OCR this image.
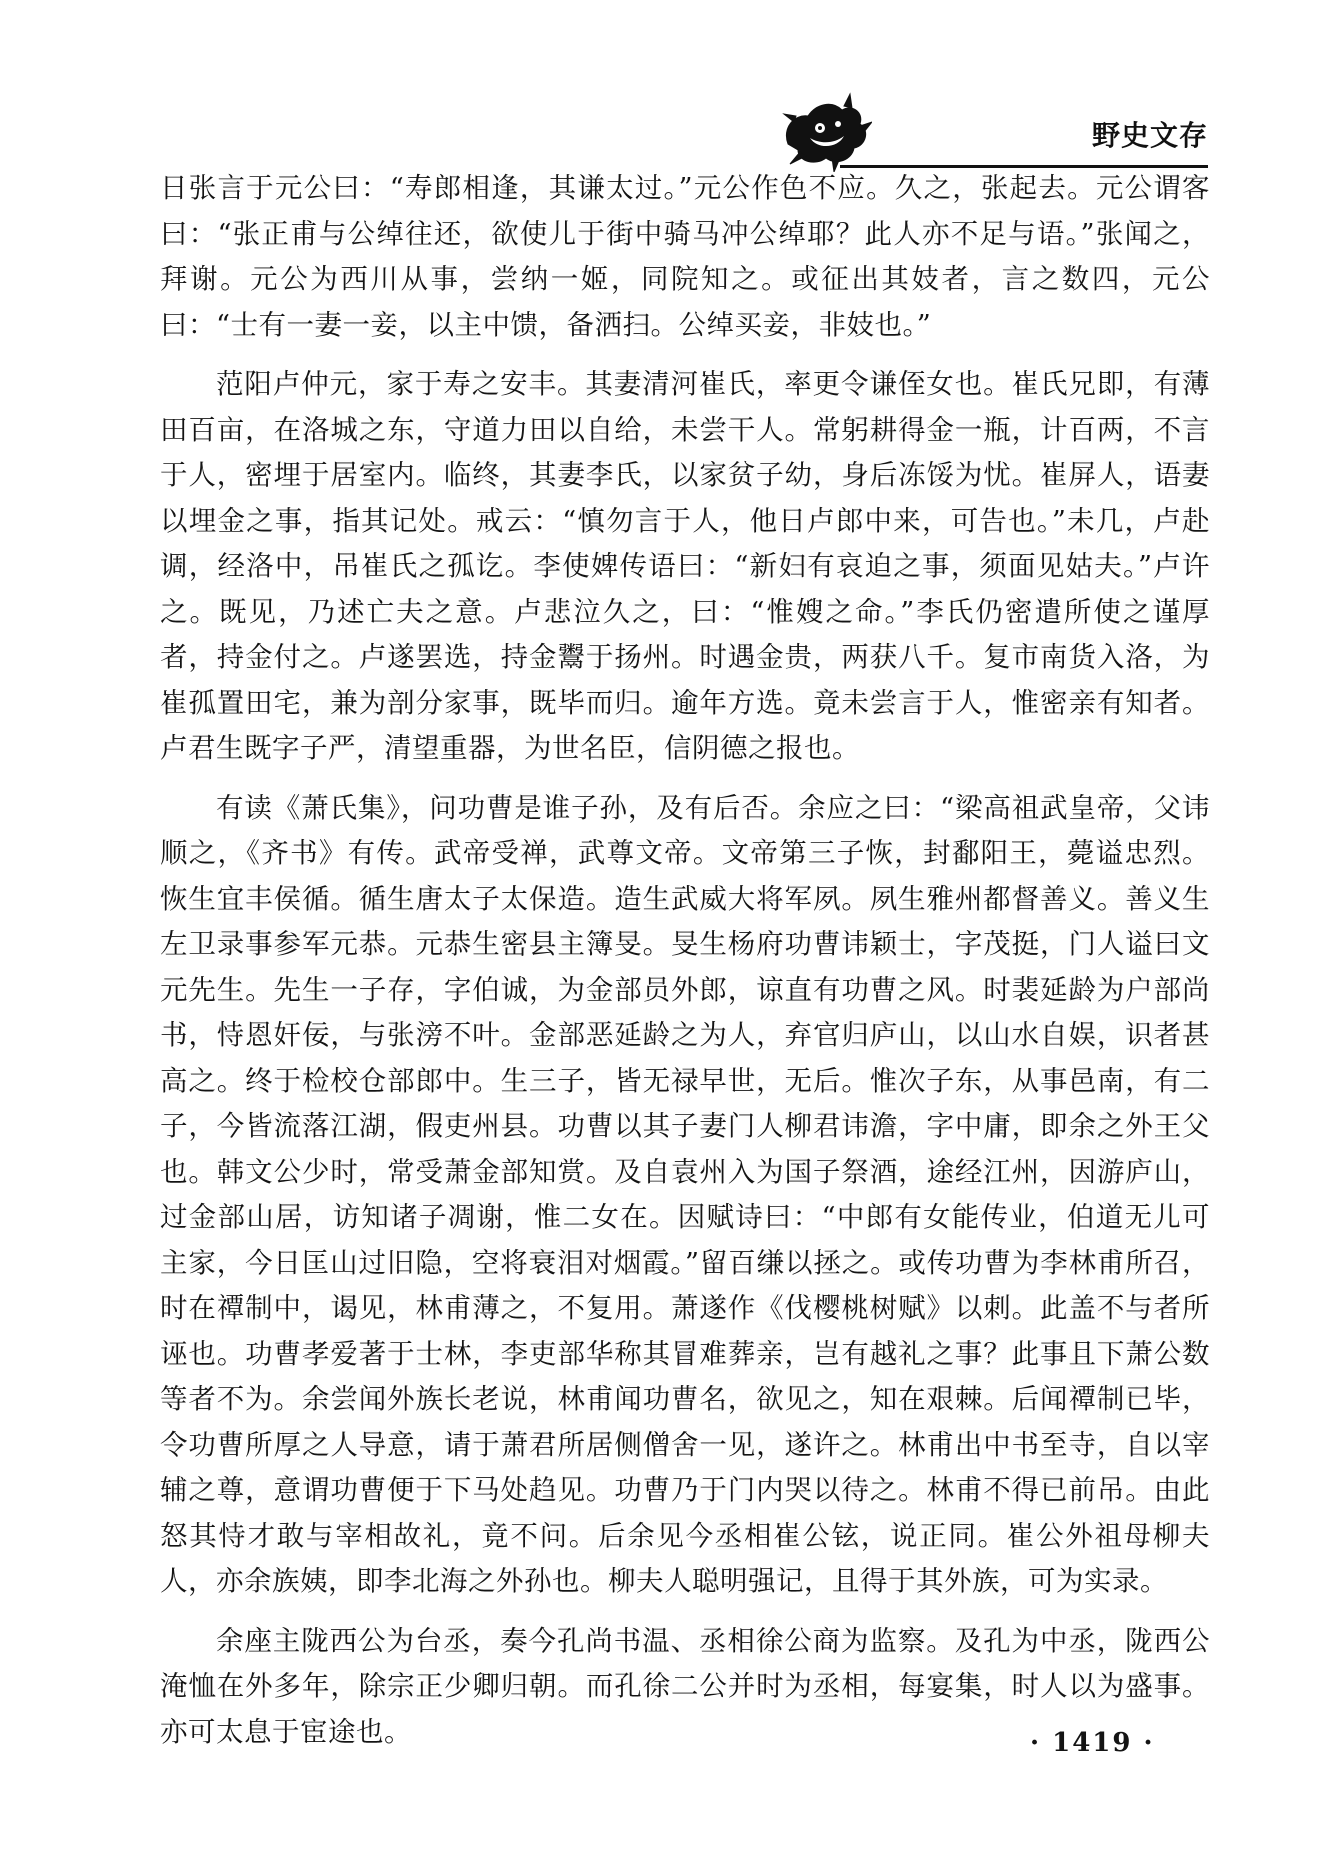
野史文存

日张言于元公曰：“寿郎相逢，其谦太过。”元公作色不应。久之，张起去。元公谓客曰：“张正甫与公绰往还，欲使儿于街中骑马冲公绰耶？此人亦不足与语。”张闻之，拜谢。元公为西川从事，尝纳一姬，同院知之。或征出其妓者，言之数四，元公曰：“士有一妻一妾，以主中馈，备洒扫。公绰买妾，非妓也。”

范阳卢仲元，家于寿之安丰。其妻清河崔氏，率更令谦侄女也。崔氏兄即，有薄田百亩，在洛城之东，守道力田以自给，未尝干人。常躬耕得金一瓶，计百两，不言于人，密埋于居室内。临终，其妻李氏，以家贫子幼，身后冻馁为忧。崔屏人，语妻以埋金之事，指其记处。戒云：“慎勿言于人，他日卢郎中来，可告也。”未几，卢赴调，经洛中，吊崔氏之孤讫。李使婢传语曰：“新妇有哀迫之事，须面见姑夫。”卢许之。既见，乃述亡夫之意。卢悲泣久之，曰：“惟嫂之命。”李氏仍密遣所使之谨厚者，持金付之。卢遂罢选，持金鬻于扬州。时遇金贵，两获八千。复市南货入洛，为崔孤置田宅，兼为剖分家事，既毕而归。逾年方选。竟未尝言于人，惟密亲有知者。卢君生既字子严，清望重器，为世名臣，信阴德之报也。

有读《萧氏集》，问功曹是谁子孙，及有后否。余应之曰：“梁高祖武皇帝，父讳顺之，《齐书》有传。武帝受禅，武尊文帝。文帝第三子恢，封鄱阳王，薨谥忠烈。恢生宜丰侯循。循生唐太子太保造。造生武威大将军夙。夙生雅州都督善义。善义生左卫录事参军元恭。元恭生密县主簿旻。旻生杨府功曹讳颖士，字茂挺，门人谥曰文元先生。先生一子存，字伯诚，为金部员外郎，谅直有功曹之风。时裴延龄为户部尚书，恃恩奸佞，与张滂不叶。金部恶延龄之为人，弃官归庐山，以山水自娱，识者甚高之。终于检校仓部郎中。生三子，皆无禄早世，无后。惟次子东，从事邑南，有二子，今皆流落江湖，假吏州县。功曹以其子妻门人柳君讳澹，字中庸，即余之外王父也。韩文公少时，常受萧金部知赏。及自袁州入为国子祭酒，途经江州，因游庐山，过金部山居，访知诸子凋谢，惟二女在。因赋诗曰：“中郎有女能传业，伯道无儿可主家，今日匡山过旧隐，空将衰泪对烟霞。”留百缣以拯之。或传功曹为李林甫所召，时在禫制中，谒见，林甫薄之，不复用。萧遂作《伐樱桃树赋》以刺。此盖不与者所诬也。功曹孝爱著于士林，李吏部华称其冒难葬亲，岂有越礼之事？此事且下萧公数等者不为。余尝闻外族长老说，林甫闻功曹名，欲见之，知在艰棘。后闻禫制已毕，令功曹所厚之人导意，请于萧君所居侧僧舍一见，遂许之。林甫出中书至寺，自以宰辅之尊，意谓功曹便于下马处趋见。功曹乃于门内哭以待之。林甫不得已前吊。由此怒其恃才敢与宰相故礼，竟不问。后余见今丞相崔公铉，说正同。崔公外祖母柳夫人，亦余族姨，即李北海之外孙也。柳夫人聪明强记，且得于其外族，可为实录。

余座主陇西公为台丞，奏今孔尚书温、丞相徐公商为监察。及孔为中丞，陇西公淹恤在外多年，除宗正少卿归朝。而孔徐二公并时为丞相，每宴集，时人以为盛事。亦可太息于宦途也。	· 1419 ·
